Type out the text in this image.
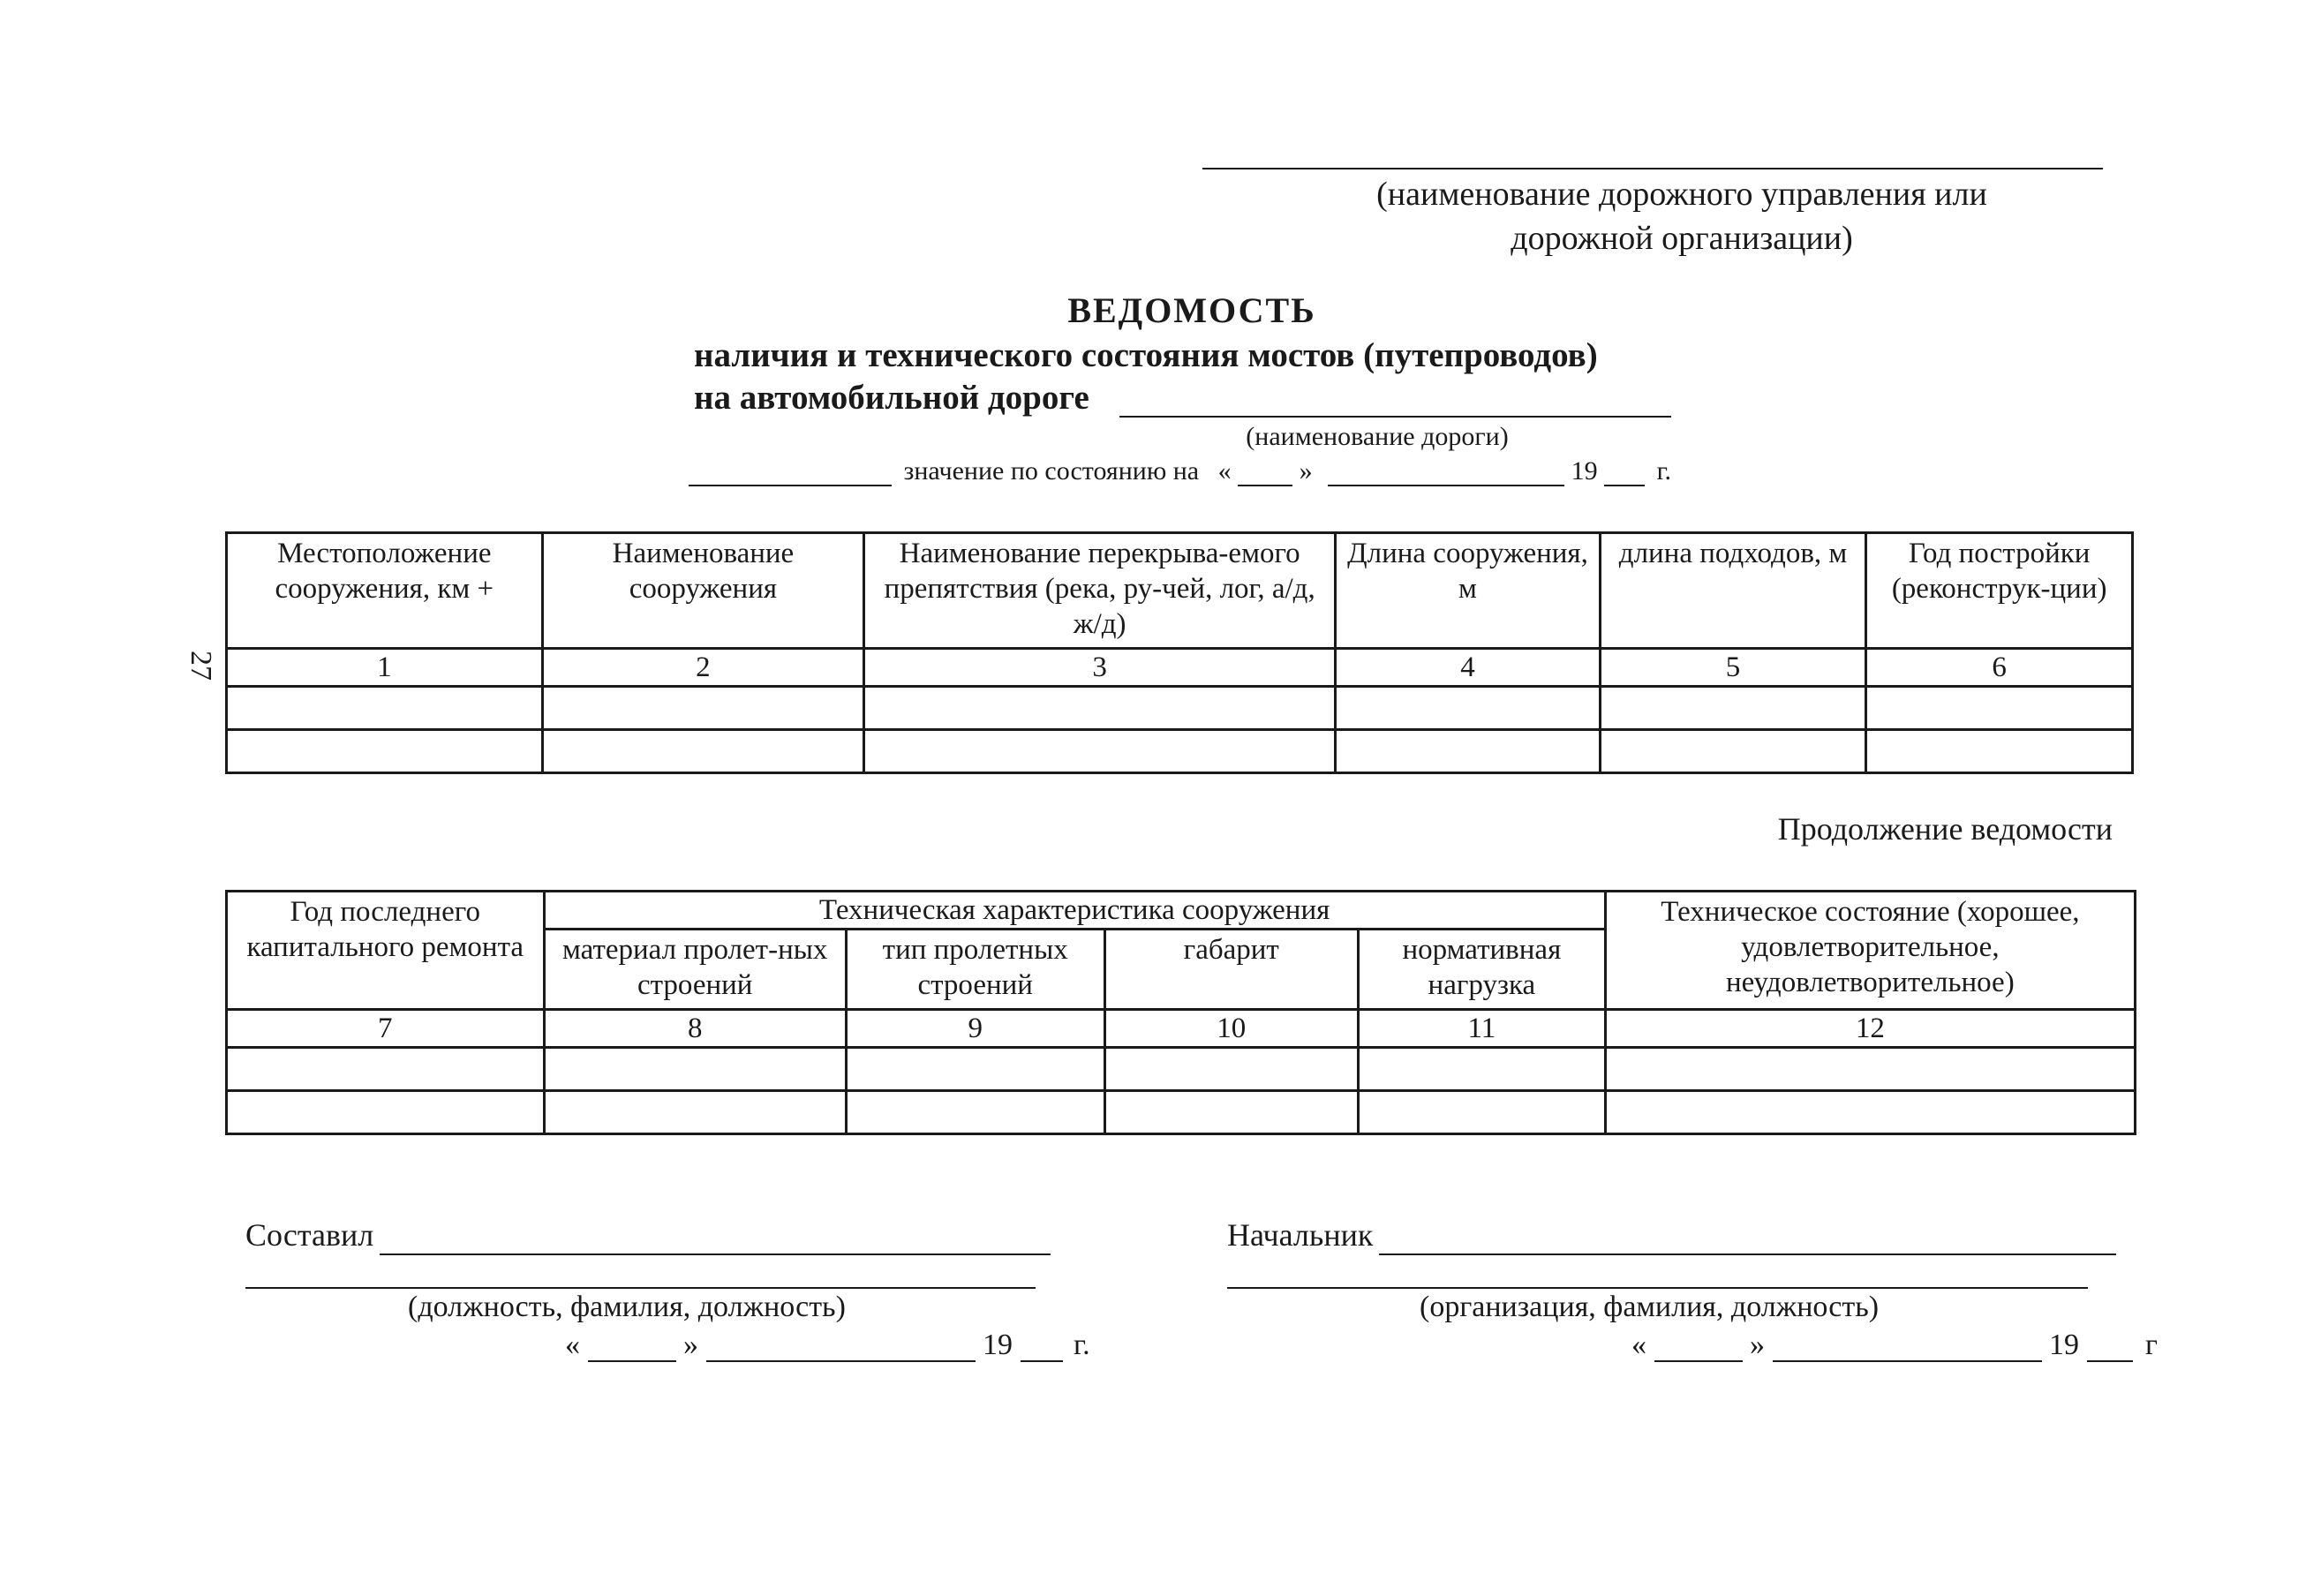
(наименование дорожного управления или
дорожной организации)
ВЕДОМОСТЬ
наличия и технического состояния мостов (путепроводов)
на автомобильной дороге
(наименование дороги)
значение по состоянию на «	»	19 г.
27
Местоположение сооружения, км +	Наименование сооружения	Наименование перекрыва-емого препятствия (река, ру-чей, лог, а/д, ж/д)	Длина сооружения, м	длина подходов, м	Год постройки (реконструк-ции)
1	2	3	4	5	6

Продолжение ведомости
Год последнего капитального ремонта	Техническая характеристика сооружения				Техническое состояние (хорошее, удовлетворительное, неудовлетворительное)
	материал пролет-ных строений	тип пролетных строений	габарит	нормативная нагрузка	
7	8	9	10	11	12

Составил
(должность, фамилия, должность)
«	»	19 г.
Начальник
(организация, фамилия, должность)
«	»	19 г
